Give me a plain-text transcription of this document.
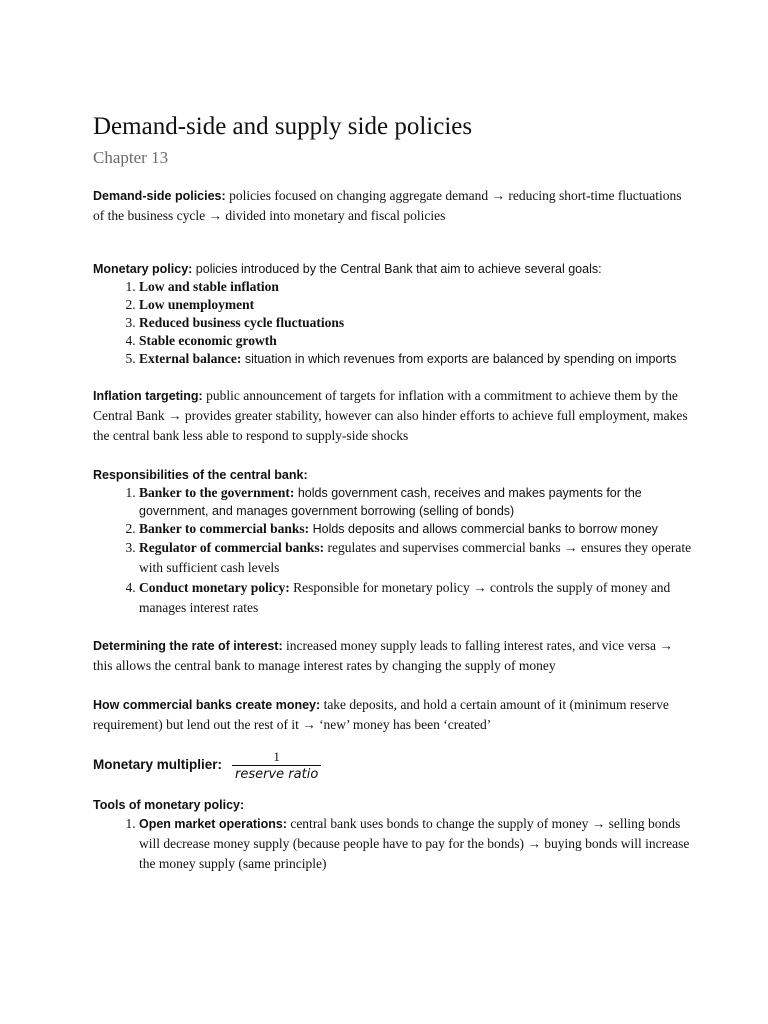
Demand-side and supply side policies
Chapter 13

Demand-side policies: policies focused on changing aggregate demand → reducing short-time fluctuations of the business cycle → divided into monetary and fiscal policies

Monetary policy: policies introduced by the Central Bank that aim to achieve several goals:

1. Low and stable inflation
2. Low unemployment
3. Reduced business cycle fluctuations
4. Stable economic growth
5. External balance: situation in which revenues from exports are balanced by spending on imports

Inflation targeting: public announcement of targets for inflation with a commitment to achieve them by the Central Bank → provides greater stability, however can also hinder efforts to achieve full employment, makes the central bank less able to respond to supply-side shocks

Responsibilities of the central bank:

1. Banker to the government: holds government cash, receives and makes payments for the government, and manages government borrowing (selling of bonds)
2. Banker to commercial banks: Holds deposits and allows commercial banks to borrow money
3. Regulator of commercial banks: regulates and supervises commercial banks → ensures they operate with sufficient cash levels
4. Conduct monetary policy: Responsible for monetary policy → controls the supply of money and manages interest rates

Determining the rate of interest: increased money supply leads to falling interest rates, and vice versa → this allows the central bank to manage interest rates by changing the supply of money

How commercial banks create money: take deposits, and hold a certain amount of it (minimum reserve requirement) but lend out the rest of it → ‘new’ money has been ‘created’

Monetary multiplier: $\frac{1}{\text{reserve ratio}}$

Tools of monetary policy:

1. Open market operations: central bank uses bonds to change the supply of money → selling bonds will decrease money supply (because people have to pay for the bonds) → buying bonds will increase the money supply (same principle)
